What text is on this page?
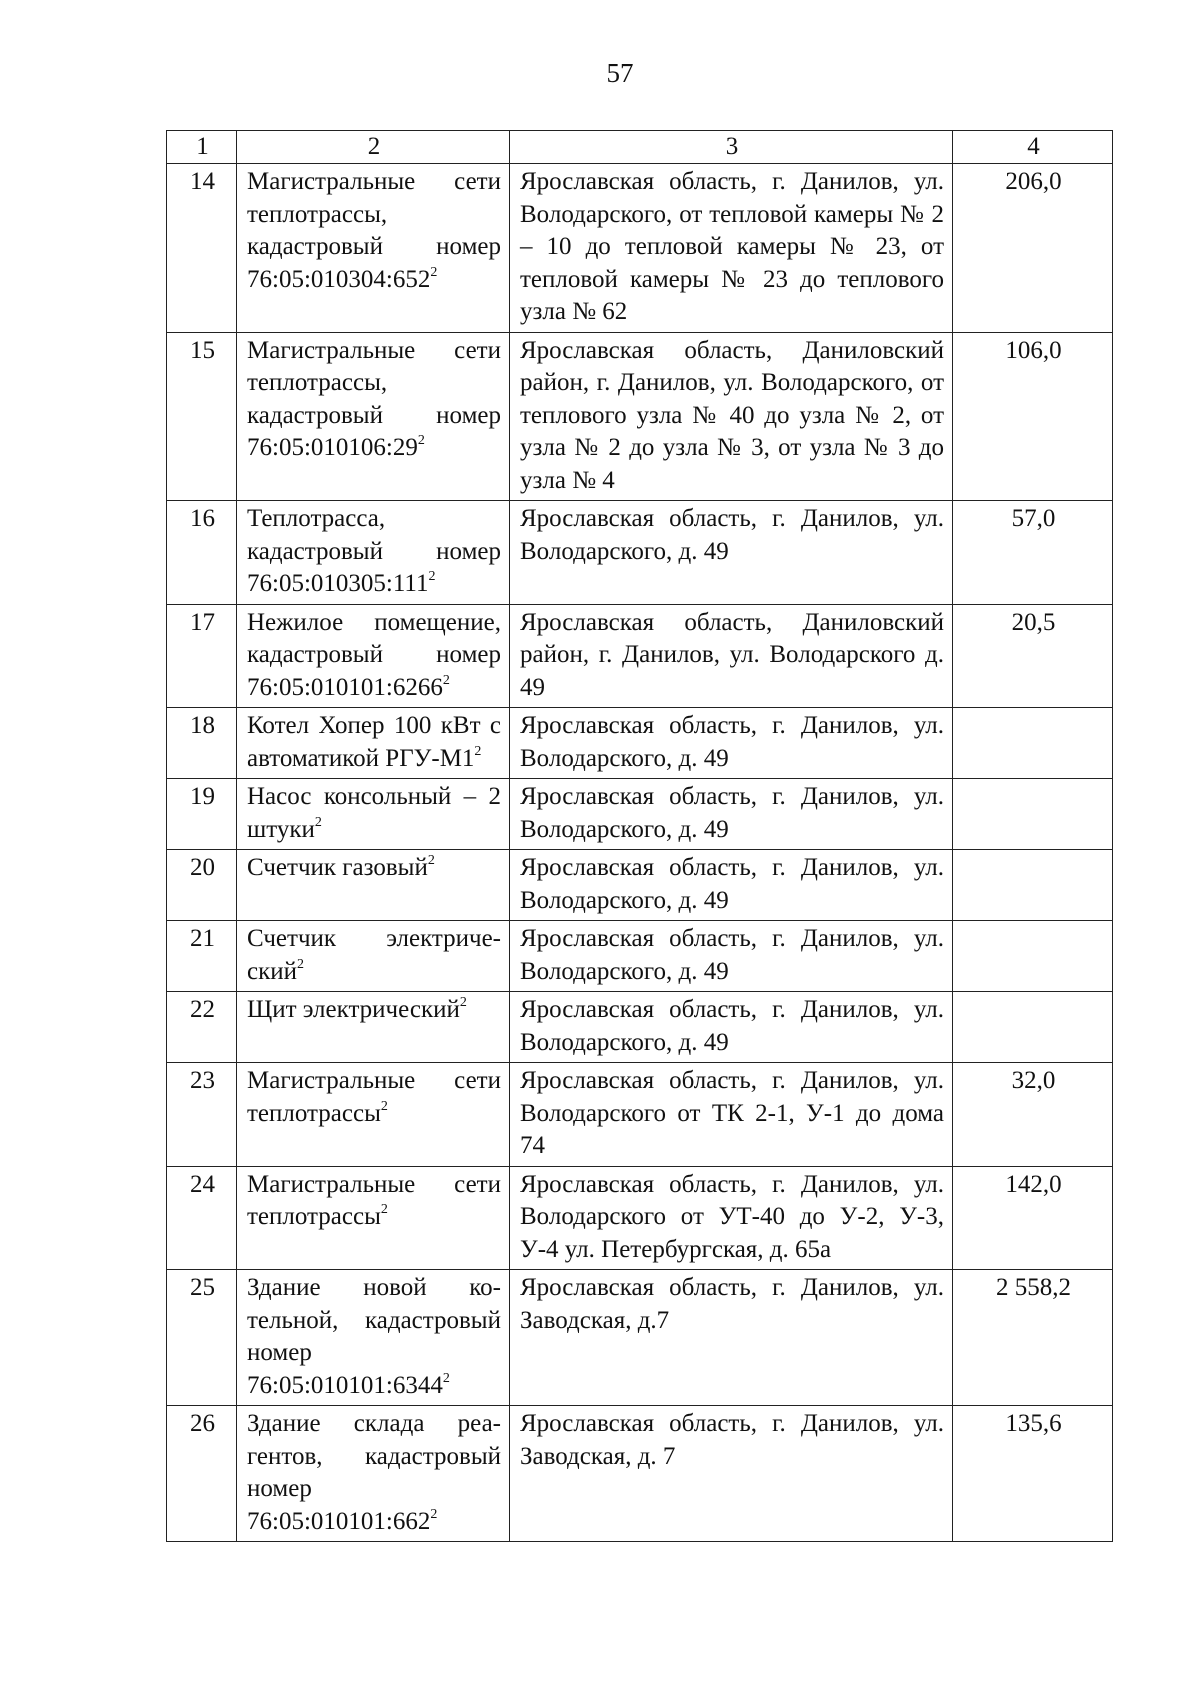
57
1	2	3	4
14	Магистральные сети теплотрассы, кадастровый номер $76:05:010304:652^2$	Ярославская область, г. Данилов, ул. Володарского, от тепловой камеры № 2 – 10 до тепловой камеры № 23, от тепловой камеры № 23 до теплового узла № 62	206,0
15	Магистральные сети теплотрассы, кадастровый номер $76:05:010106:29^2$	Ярославская область, Даниловский район, г. Данилов, ул. Володарского, от теплового узла № 40 до узла № 2, от узла № 2 до узла № 3, от узла № 3 до узла № 4	106,0
16	Теплотрасса, кадастровый номер $76:05:010305:111^2$	Ярославская область, г. Данилов, ул. Володарского, д. 49	57,0
17	Нежилое помещение, кадастровый номер 76:05:010101:6266$^2$	Ярославская область, Даниловский район, г. Данилов, ул. Володарского д. 49	20,5
18	Котел Хопер 100 кВт с автоматикой РГУ-$М1^2$	Ярославская область, г. Данилов, ул. Володарского, д. 49	
19	Насос консольный – 2 штуки$^2$	Ярославская область, г. Данилов, ул. Володарского, д. 49	
20	Счетчик газовый$^2$	Ярославская область, г. Данилов, ул. Володарского, д. 49	
21	Счетчик электрический$^2$	Ярославская область, г. Данилов, ул. Володарского, д. 49	
22	Щит электрический$^2$	Ярославская область, г. Данилов, ул. Володарского, д. 49	
23	Магистральные сети теплотрассы$^2$	Ярославская область, г. Данилов, ул. Володарского от ТК 2-1, У-1 до дома 74	32,0
24	Магистральные сети теплотрассы$^2$	Ярославская область, г. Данилов, ул. Володарского от УТ-40 до У-2, У-3, У-4 ул. Петербургская, д. 65а	142,0
25	Здание новой котельной, кадастровый номер 76:05:010101:6344$^2$	Ярославская область, г. Данилов, ул. Заводская, д.7	2 558,2
26	Здание склада реагентов, кадастровый номер $76:05:010101:662^2$	Ярославская область, г. Данилов, ул. Заводская, д. 7	135,6
